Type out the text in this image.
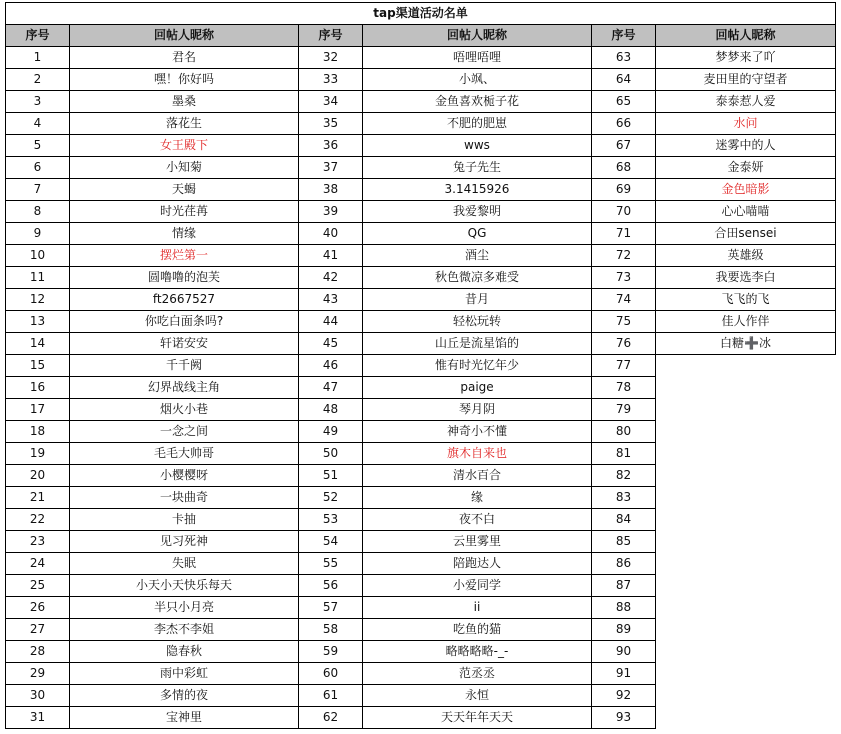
tap渠道活动名单					
序号	回帖人昵称	序号	回帖人昵称	序号	回帖人昵称
1	君名	32	唔哩唔哩	63	梦梦来了吖
2	嘿！你好吗	33	小飒、	64	麦田里的守望者
3	墨桑	34	金鱼喜欢栀子花	65	泰泰惹人爱
4	落花生	35	不肥的肥崽	66	水问
5	女王殿下	36	wws	67	迷雾中的人
6	小知菊	37	兔子先生	68	金泰妍
7	天蝎	38	3.1415926	69	金色暗影
8	时光荏苒	39	我爱黎明	70	心心喵喵
9	情缘	40	QG	71	合田sensei
10	摆烂第一	41	酒尘	72	英雄级
11	圆噜噜的泡芙	42	秋色微凉多难受	73	我要选李白
12	ft2667527	43	昔月	74	飞飞的飞
13	你吃白面条吗?	44	轻松玩转	75	佳人作伴
14	轩诺安安	45	山丘是流星馅的	76	白糖➕冰
15	千千阙	46	惟有时光忆年少	77	
16	幻界战线主角	47	paige	78	
17	烟火小巷	48	琴月阴	79	
18	一念之间	49	神奇小不懂	80	
19	毛毛大帅哥	50	旗木自来也	81	
20	小樱樱呀	51	清水百合	82	
21	一块曲奇	52	缘	83	
22	卡抽	53	夜不白	84	
23	见习死神	54	云里雾里	85	
24	失眠	55	陪跑达人	86	
25	小天小天快乐每天	56	小爱同学	87	
26	半只小月亮	57	ii	88	
27	李杰不李姐	58	吃鱼的猫	89	
28	隐春秋	59	略略略略-_-	90	
29	雨中彩虹	60	范丞丞	91	
30	多情的夜	61	永恒	92	
31	宝神里	62	天天年年天天	93	
